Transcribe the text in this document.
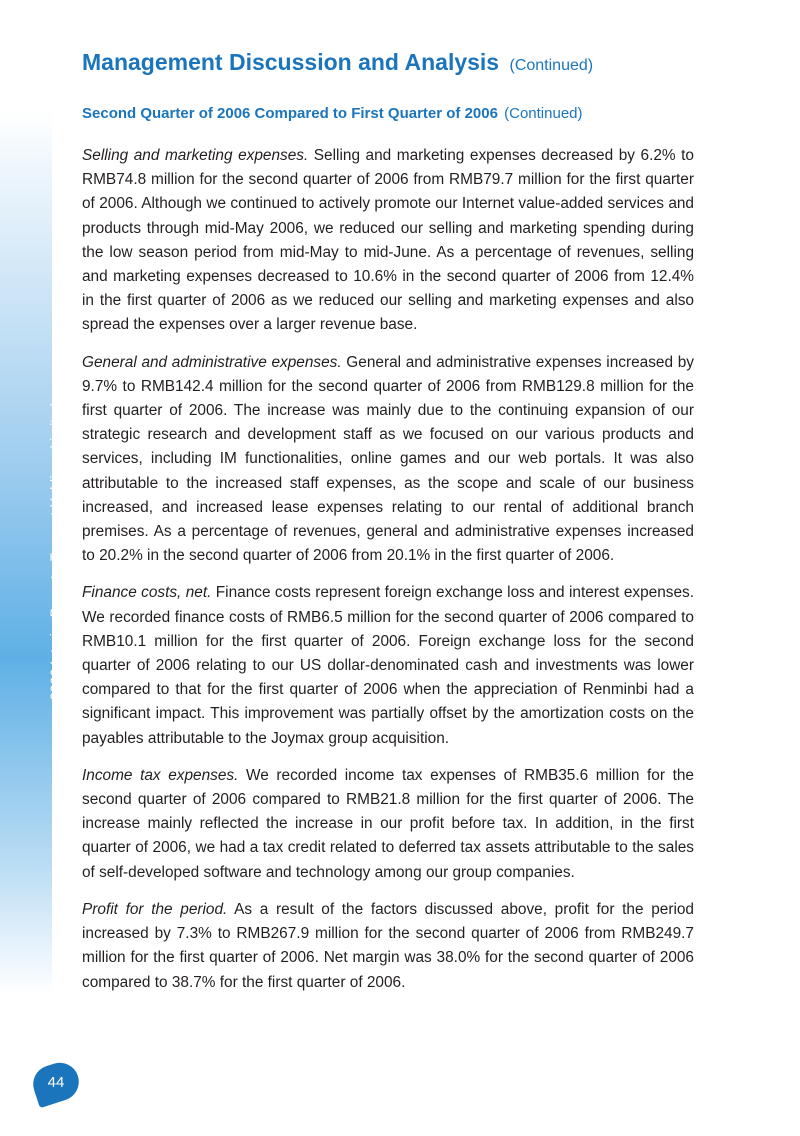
2006 Interim ReportTencent Holdings Limited
Management Discussion and Analysis (Continued)
Second Quarter of 2006 Compared to First Quarter of 2006 (Continued)

Selling and marketing expenses. Selling and marketing expenses decreased by 6.2% to RMB74.8 million for the second quarter of 2006 from RMB79.7 million for the first quarter of 2006. Although we continued to actively promote our Internet value-added services and products through mid-May 2006, we reduced our selling and marketing spending during the low season period from mid-May to mid-June. As a percentage of revenues, selling and marketing expenses decreased to 10.6% in the second quarter of 2006 from 12.4% in the first quarter of 2006 as we reduced our selling and marketing expenses and also spread the expenses over a larger revenue base.

General and administrative expenses. General and administrative expenses increased by 9.7% to RMB142.4 million for the second quarter of 2006 from RMB129.8 million for the first quarter of 2006. The increase was mainly due to the continuing expansion of our strategic research and development staff as we focused on our various products and services, including IM functionalities, online games and our web portals. It was also attributable to the increased staff expenses, as the scope and scale of our business increased, and increased lease expenses relating to our rental of additional branch premises. As a percentage of revenues, general and administrative expenses increased to 20.2% in the second quarter of 2006 from 20.1% in the first quarter of 2006.

Finance costs, net. Finance costs represent foreign exchange loss and interest expenses. We recorded finance costs of RMB6.5 million for the second quarter of 2006 compared to RMB10.1 million for the first quarter of 2006. Foreign exchange loss for the second quarter of 2006 relating to our US dollar-denominated cash and investments was lower compared to that for the first quarter of 2006 when the appreciation of Renminbi had a significant impact. This improvement was partially offset by the amortization costs on the payables attributable to the Joymax group acquisition.

Income tax expenses. We recorded income tax expenses of RMB35.6 million for the second quarter of 2006 compared to RMB21.8 million for the first quarter of 2006. The increase mainly reflected the increase in our profit before tax. In addition, in the first quarter of 2006, we had a tax credit related to deferred tax assets attributable to the sales of self-developed software and technology among our group companies.

Profit for the period. As a result of the factors discussed above, profit for the period increased by 7.3% to RMB267.9 million for the second quarter of 2006 from RMB249.7 million for the first quarter of 2006. Net margin was 38.0% for the second quarter of 2006 compared to 38.7% for the first quarter of 2006.

44
